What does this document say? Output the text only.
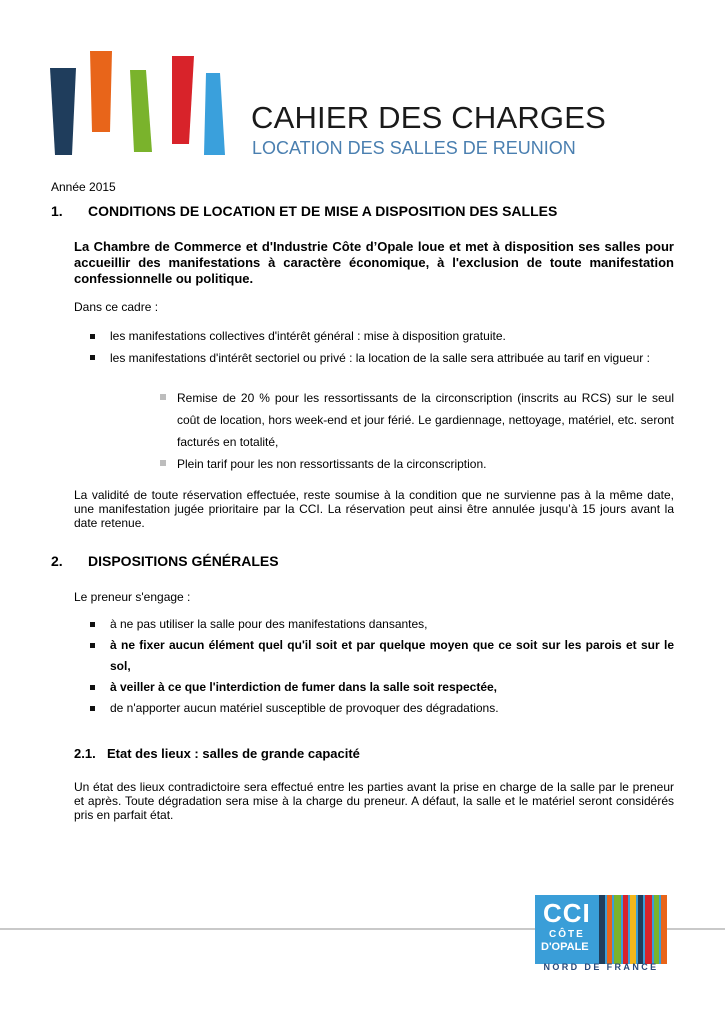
CAHIER DES CHARGES
LOCATION DES SALLES DE REUNION
Année 2015
1. CONDITIONS DE LOCATION ET DE MISE A DISPOSITION DES SALLES
La Chambre de Commerce et d'Industrie Côte d’Opale loue et met à disposition ses salles pour accueillir des manifestations à caractère économique, à l'exclusion de toute manifestation confessionnelle ou politique.
Dans ce cadre :
les manifestations collectives d'intérêt général : mise à disposition gratuite.
les manifestations d'intérêt sectoriel ou privé : la location de la salle sera attribuée au tarif en vigueur :
Remise de 20 % pour les ressortissants de la circonscription (inscrits au RCS) sur le seul coût de location, hors week-end et jour férié. Le gardiennage, nettoyage, matériel, etc. seront facturés en totalité,
Plein tarif pour les non ressortissants de la circonscription.
La validité de toute réservation effectuée, reste soumise à la condition que ne survienne pas à la même date, une manifestation jugée prioritaire par la CCI. La réservation peut ainsi être annulée jusqu’à 15 jours avant la date retenue.
2. DISPOSITIONS GÉNÉRALES
Le preneur s'engage :
à ne pas utiliser la salle pour des manifestations dansantes,
à ne fixer aucun élément quel qu'il soit et par quelque moyen que ce soit sur les parois et sur le sol,
à veiller à ce que l'interdiction de fumer dans la salle soit respectée,
de n'apporter aucun matériel susceptible de provoquer des dégradations.
2.1. Etat des lieux : salles de grande capacité
Un état des lieux contradictoire sera effectué entre les parties avant la prise en charge de la salle par le preneur et après. Toute dégradation sera mise à la charge du preneur. A défaut, la salle et le matériel seront considérés pris en parfait état.
CCI
CÔTE
D'OPALE
NORD DE FRANCE
